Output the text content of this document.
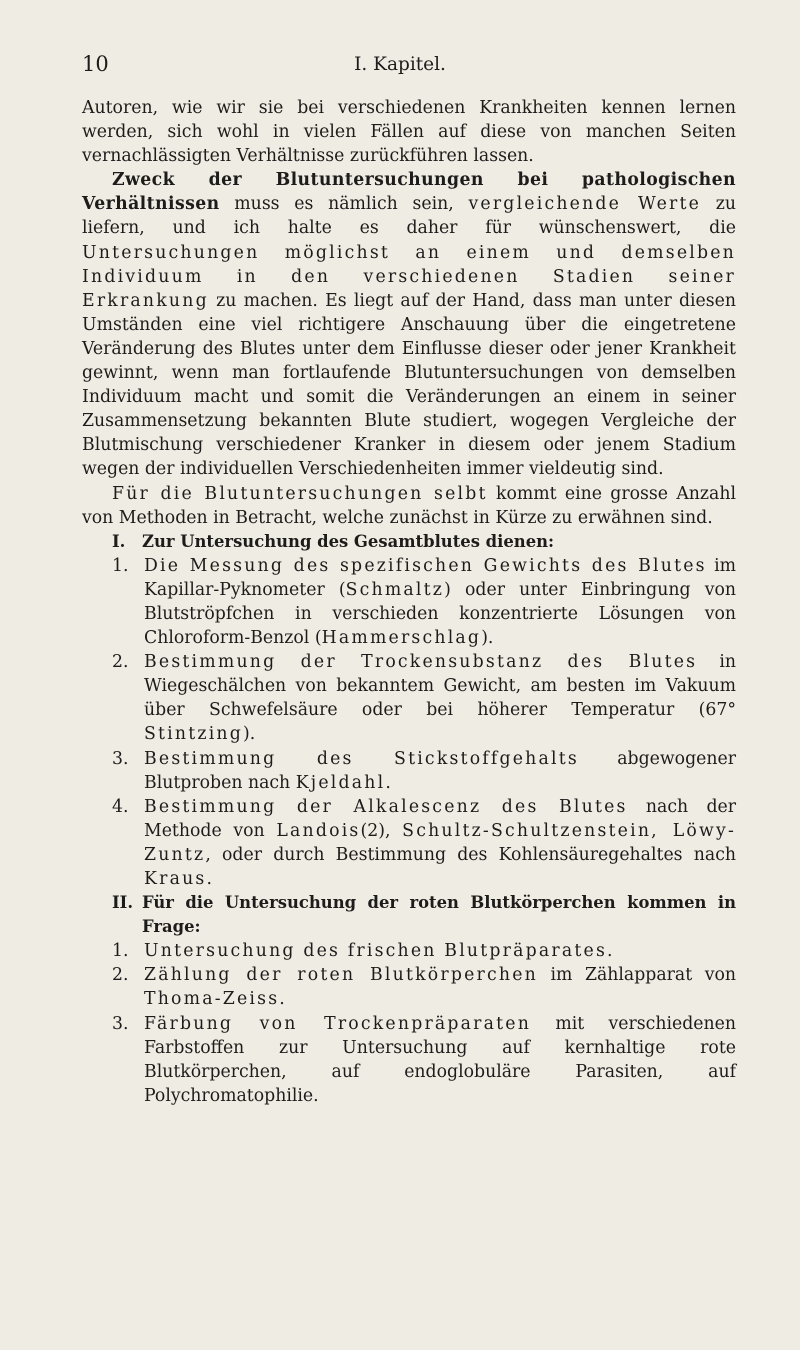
10	I. Kapitel.

Autoren, wie wir sie bei verschiedenen Krankheiten kennen lernen werden, sich wohl in vielen Fällen auf diese von manchen Seiten vernachlässigten Verhältnisse zurückführen lassen.

Zweck der Blutuntersuchungen bei pathologischen Verhältnissen muss es nämlich sein, vergleichende Werte zu liefern, und ich halte es daher für wünschenswert, die Untersuchungen möglichst an einem und demselben Individuum in den verschiedenen Stadien seiner Erkrankung zu machen. Es liegt auf der Hand, dass man unter diesen Umständen eine viel richtigere Anschauung über die eingetretene Veränderung des Blutes unter dem Einflusse dieser oder jener Krankheit gewinnt, wenn man fortlaufende Blutuntersuchungen von demselben Individuum macht und somit die Veränderungen an einem in seiner Zusammensetzung bekannten Blute studiert, wogegen Vergleiche der Blutmischung verschiedener Kranker in diesem oder jenem Stadium wegen der individuellen Verschiedenheiten immer vieldeutig sind.

Für die Blutuntersuchungen selbt kommt eine grosse Anzahl von Methoden in Betracht, welche zunächst in Kürze zu erwähnen sind.

I. Zur Untersuchung des Gesamtblutes dienen:

1. Die Messung des spezifischen Gewichts des Blutes im Kapillar-Pyknometer (Schmaltz) oder unter Einbringung von Blutströpfchen in verschieden konzentrierte Lösungen von Chloroform-Benzol (Hammerschlag).

2. Bestimmung der Trockensubstanz des Blutes in Wiegeschälchen von bekanntem Gewicht, am besten im Vakuum über Schwefelsäure oder bei höherer Temperatur (67° Stintzing).

3. Bestimmung des Stickstoffgehalts abgewogener Blutproben nach Kjeldahl.

4. Bestimmung der Alkalescenz des Blutes nach der Methode von Landois(2), Schultz-Schultzenstein, Löwy-Zuntz, oder durch Bestimmung des Kohlensäuregehaltes nach Kraus.

II. Für die Untersuchung der roten Blutkörperchen kommen in Frage:

1. Untersuchung des frischen Blutpräparates.

2. Zählung der roten Blutkörperchen im Zählapparat von Thoma-Zeiss.

3. Färbung von Trockenpräparaten mit verschiedenen Farbstoffen zur Untersuchung auf kernhaltige rote Blutkörperchen, auf endoglobuläre Parasiten, auf Polychromatophilie.
